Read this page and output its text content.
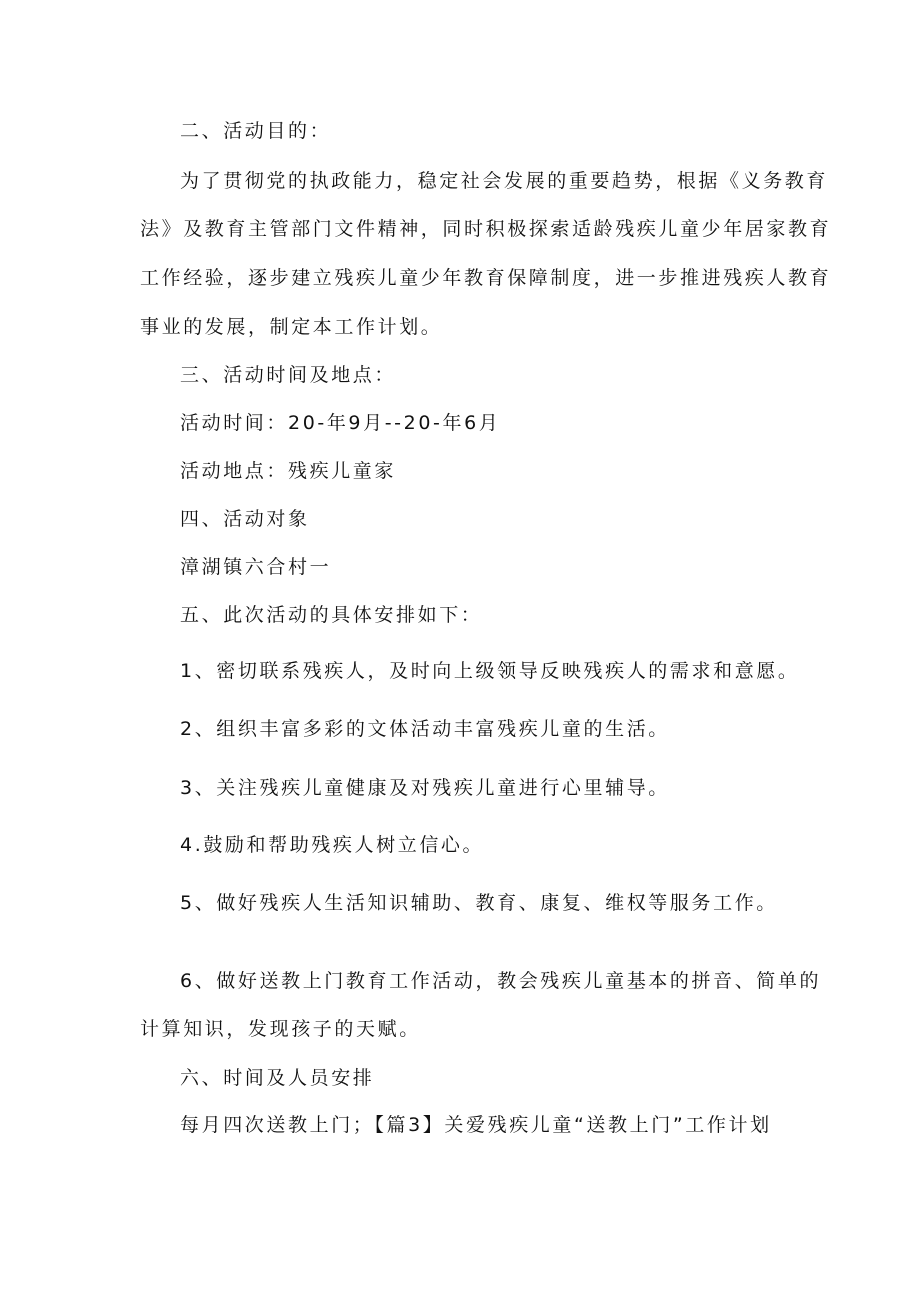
二、活动目的：
为了贯彻党的执政能力，稳定社会发展的重要趋势，根据《义务教育
法》及教育主管部门文件精神，同时积极探索适龄残疾儿童少年居家教育
工作经验，逐步建立残疾儿童少年教育保障制度，进一步推进残疾人教育
事业的发展，制定本工作计划。
三、活动时间及地点：
活动时间：20-年9月--20-年6月
活动地点：残疾儿童家
四、活动对象
漳湖镇六合村一
五、此次活动的具体安排如下：
1、密切联系残疾人，及时向上级领导反映残疾人的需求和意愿。
2、组织丰富多彩的文体活动丰富残疾儿童的生活。
3、关注残疾儿童健康及对残疾儿童进行心里辅导。
4.鼓励和帮助残疾人树立信心。
5、做好残疾人生活知识辅助、教育、康复、维权等服务工作。
6、做好送教上门教育工作活动，教会残疾儿童基本的拼音、简单的
计算知识，发现孩子的天赋。
六、时间及人员安排
每月四次送教上门；【篇3】关爱残疾儿童“送教上门”工作计划
